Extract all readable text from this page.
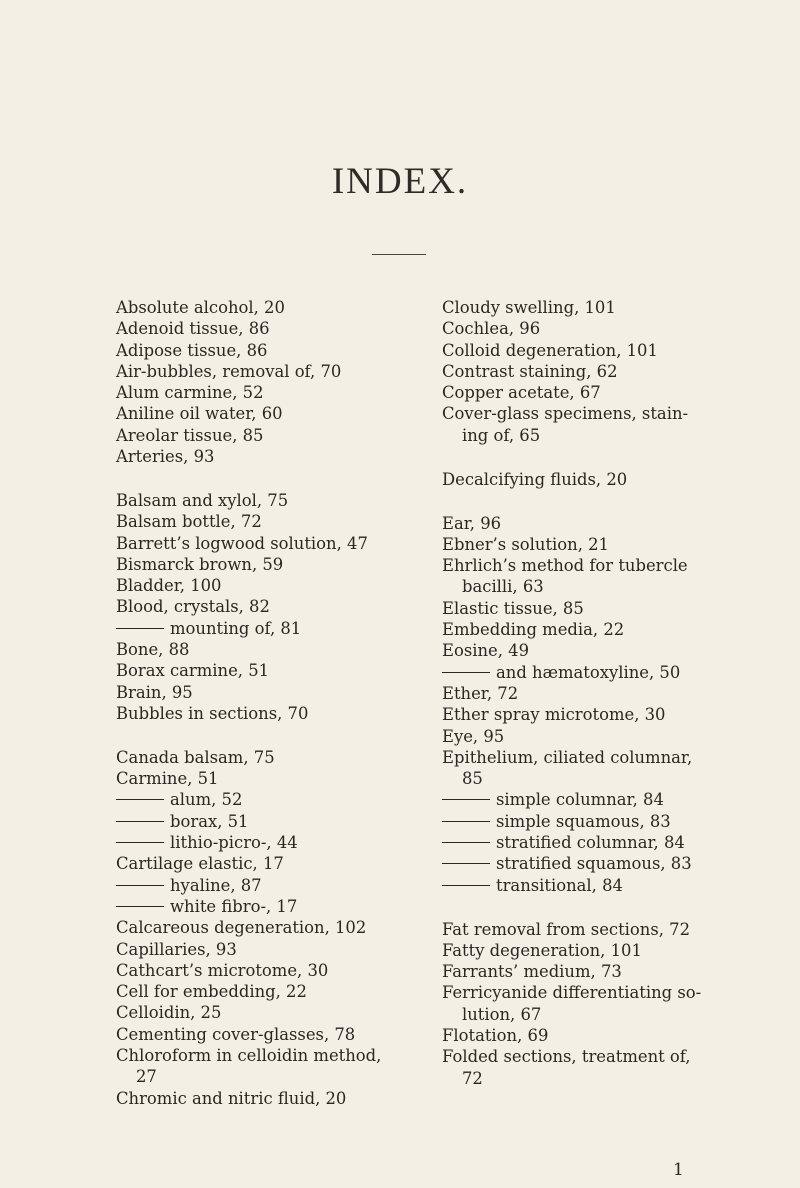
INDEX.
Absolute alcohol, 20
Adenoid tissue, 86
Adipose tissue, 86
Air-bubbles, removal of, 70
Alum carmine, 52
Aniline oil water, 60
Areolar tissue, 85
Arteries, 93
Balsam and xylol, 75
Balsam bottle, 72
Barrett’s logwood solution, 47
Bismarck brown, 59
Bladder, 100
Blood, crystals, 82
mounting of, 81
Bone, 88
Borax carmine, 51
Brain, 95
Bubbles in sections, 70
Canada balsam, 75
Carmine, 51
alum, 52
borax, 51
lithio-picro-, 44
Cartilage elastic, 17
hyaline, 87
white fibro-, 17
Calcareous degeneration, 102
Capillaries, 93
Cathcart’s microtome, 30
Cell for embedding, 22
Celloidin, 25
Cementing cover-glasses, 78
Chloroform in celloidin method,
27
Chromic and nitric fluid, 20
Cloudy swelling, 101
Cochlea, 96
Colloid degeneration, 101
Contrast staining, 62
Copper acetate, 67
Cover-glass specimens, stain-
ing of, 65
Decalcifying fluids, 20
Ear, 96
Ebner’s solution, 21
Ehrlich’s method for tubercle
bacilli, 63
Elastic tissue, 85
Embedding media, 22
Eosine, 49
and hæmatoxyline, 50
Ether, 72
Ether spray microtome, 30
Eye, 95
Epithelium, ciliated columnar,
85
simple columnar, 84
simple squamous, 83
stratified columnar, 84
stratified squamous, 83
transitional, 84
Fat removal from sections, 72
Fatty degeneration, 101
Farrants’ medium, 73
Ferricyanide differentiating so-
lution, 67
Flotation, 69
Folded sections, treatment of,
72
1
